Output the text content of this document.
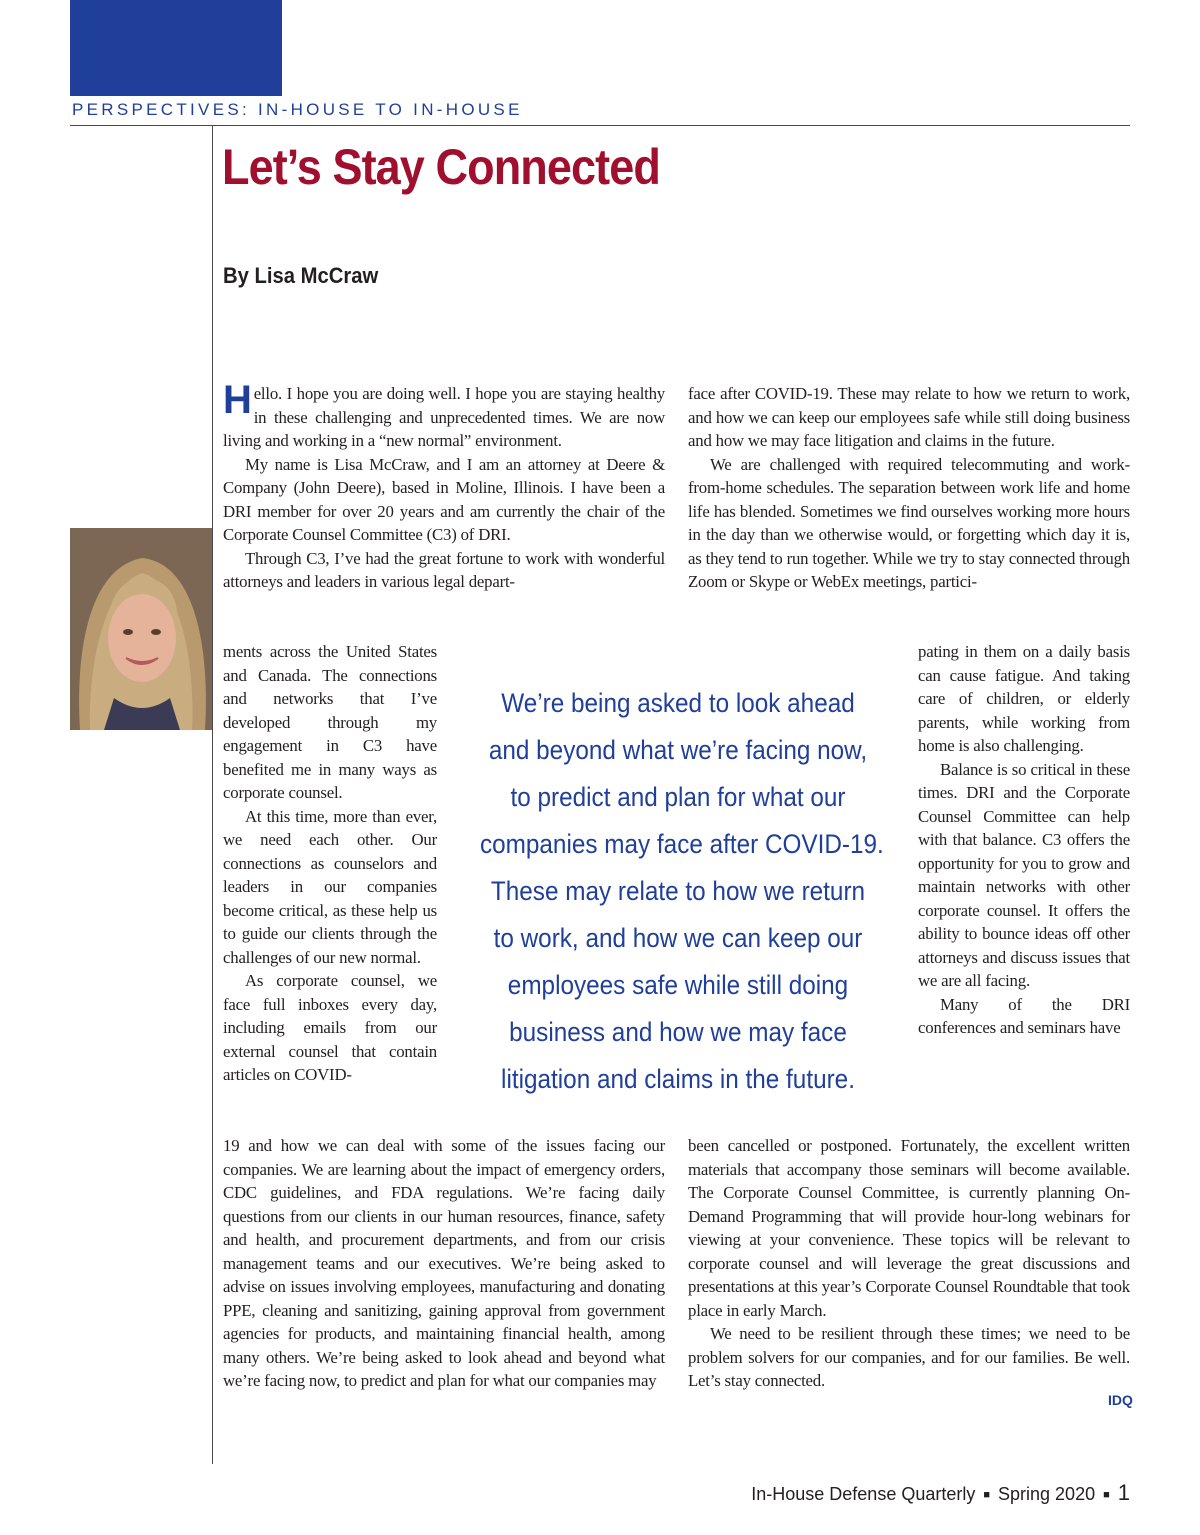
PERSPECTIVES: IN-HOUSE TO IN-HOUSE
Let’s Stay Connected
By Lisa McCraw

Hello. I hope you are doing well. I hope you are staying healthy in these challenging and unprecedented times. We are now living and working in a “new normal” environment.

My name is Lisa McCraw, and I am an attorney at Deere & Company (John Deere), based in Moline, Illinois. I have been a DRI member for over 20 years and am currently the chair of the Corporate Counsel Committee (C3) of DRI.

Through C3, I’ve had the great fortune to work with wonderful attorneys and leaders in various legal depart-

ments across the United States and Canada. The connections and networks that I’ve developed through my engagement in C3 have benefited me in many ways as corporate counsel.

At this time, more than ever, we need each other. Our connections as counselors and leaders in our companies become critical, as these help us to guide our clients through the challenges of our new normal.

As corporate counsel, we face full inboxes every day, including emails from our external counsel that contain articles on COVID-

19 and how we can deal with some of the issues facing our companies. We are learning about the impact of emergency orders, CDC guidelines, and FDA regulations. We’re facing daily questions from our clients in our human resources, finance, safety and health, and procurement departments, and from our crisis management teams and our executives. We’re being asked to advise on issues involving employees, manufacturing and donating PPE, cleaning and sanitizing, gaining approval from government agencies for products, and maintaining financial health, among many others. We’re being asked to look ahead and beyond what we’re facing now, to predict and plan for what our companies may

face after COVID-19. These may relate to how we return to work, and how we can keep our employees safe while still doing business and how we may face litigation and claims in the future.

We are challenged with required telecommuting and work-from-home schedules. The separation between work life and home life has blended. Sometimes we find ourselves working more hours in the day than we otherwise would, or forgetting which day it is, as they tend to run together. While we try to stay connected through Zoom or Skype or WebEx meetings, partici-

pating in them on a daily basis can cause fatigue. And taking care of children, or elderly parents, while working from home is also challenging.

Balance is so critical in these times. DRI and the Corporate Counsel Committee can help with that balance. C3 offers the opportunity for you to grow and maintain networks with other corporate counsel. It offers the ability to bounce ideas off other attorneys and discuss issues that we are all facing.

Many of the DRI conferences and seminars have

been cancelled or postponed. Fortunately, the excellent written materials that accompany those seminars will become available. The Corporate Counsel Committee, is currently planning On-Demand Programming that will provide hour-long webinars for viewing at your convenience. These topics will be relevant to corporate counsel and will leverage the great discussions and presentations at this year’s Corporate Counsel Roundtable that took place in early March.

We need to be resilient through these times; we need to be problem solvers for our companies, and for our families. Be well. Let’s stay connected.

We’re being asked to look ahead
and beyond what we’re facing now,
to predict and plan for what our
companies may face after COVID-19.
These may relate to how we return
to work, and how we can keep our
employees safe while still doing
business and how we may face
litigation and claims in the future.
IDQ
In-House Defense Quarterly ■ Spring 2020 ■ 1
